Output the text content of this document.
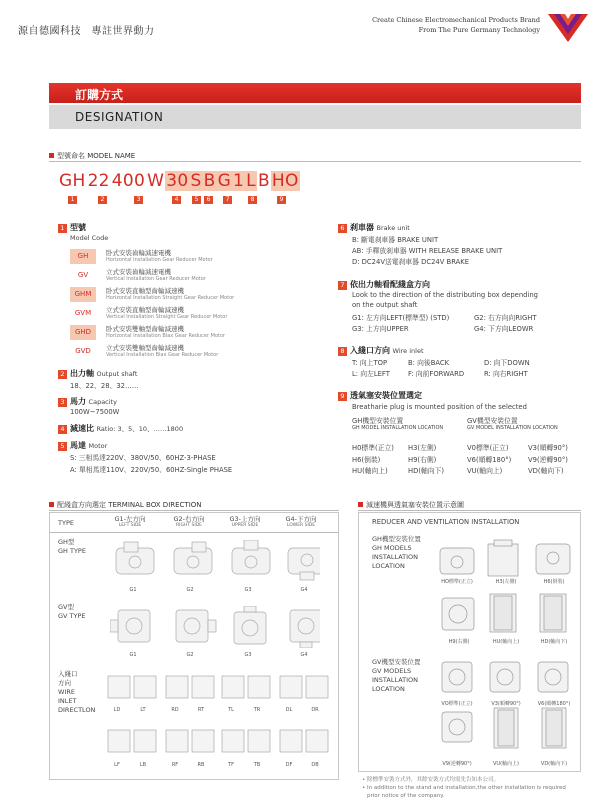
源自德國科技　專註世界動力
Create Chinese Electromechanical Products Brand
From The Pure Germany Technology
訂購方式
DESIGNATION
型號命名 MODEL NAME
GH 22 400 W 30 S B G 1 L B HO
1	2	3	4	5	6	7	8	9
1 型號
Model Code
GH	卧式安裝齒輪減速電機
Horizontal Installation Gear Reducer Motor
GV	立式安裝齒輪減速電機
Vertical Installation Gear Reducer Motor
GHM	卧式安裝直軸型齒輪減速機
Horizontal Installation Straight Gear Reducer Motor
GVM	立式安裝直軸型齒輪減速機
Vertical Installation Straight Gear Reducer Motor
GHD	卧式安裝雙軸型齒輪減速機
Horizontal Installation Biax Gear Reducer Motor
GVD	立式安裝雙軸型齒輪減速機
Vertical Installation Biax Gear Reducer Motor
2 出力軸 Output shaft
18、22、28、32……
3 馬力 Capacity
100W~7500W
4 減速比 Ratio: 3、5、10、……1800
5 馬達 Motor
S: 三相馬達220V、380V/50、60HZ-3-PHASE
A: 單相馬達110V、220V/50、60HZ-Single PHASE
6 刹車器 Brake unit
B: 斷電刹車器 BRAKE UNIT
AB: 手釋放刹車器 WITH RELEASE BRAKE UNIT
D: DC24V送電刹車器 DC24V BRAKE
7 依出力軸看配綫盒方向
Look to the direction of the distributing box depending
on the output shaft
G1: 左方向LEFT(標準型) (STD)	G2: 右方向向RIGHT
G3: 上方向UPPER	G4: 下方向LEOWR
8 入綫口方向 Wire inlet
T: 向上TOP	B: 向後BACK	D: 向下DOWN
L: 向左LEFT	F: 向前FORWARD	R: 向右RIGHT
9 透氣塞安裝位置選定
Breatharie plug is mounted position of the selected
GH機型安裝位置	GV機型安裝位置
GH MODEL INSTALLATION LOCATION	GV MODEL INSTALLATION LOCATION
H0標準(正立) H3(左側)	V0標準(正立)	V3(順轉90°)
H6(倒裝)	H9(右側)	V6(順轉180°) V9(逆轉90°)
HU(軸向上)	HD(軸向下)	VU(軸向上)	VD(軸向下)
配綫盒方向選定 TERMINAL BOX DIRECTION
TYPE	G1-左方向
LEFT SIDE
G2-右方向
RIGHT SIDE
G3-上方向
UPPER SIDE
G4-下方向
LOWER SIDE
GH型
GH TYPE
G1	G2	G3	G4
GV型
GV TYPE
G1	G2	G3	G4
入綫口
方向
WIRE
INLET
DIRECTLON	LD	LT	RD	RT	TL	TR	DL	DR
LF	LB	RF	RB	TF	TB	DF	DB
減速機與透氣塞安裝位置示意圖
REDUCER AND VENTILATION INSTALLATION
GH機型安裝位置
GH MODELS
INSTALLATION
LOCATION
HO標準(正立)	H3(左側)	H6(倒裝)
H9(右側)	HU(軸向上)	HD(軸向下)
GV機型安裝位置
GV MODELS
INSTALLATION
LOCATION
VO標準(正立)	V3(順轉90°)	V6(順轉180°)
V9(逆轉90°)	VU(軸向上)	VD(軸向下)
• 除標準安裝方式外，其餘安裝方式均需先告知本公司。
• In addition to the stand and installation,the other installation is required
prior notice of the company.
